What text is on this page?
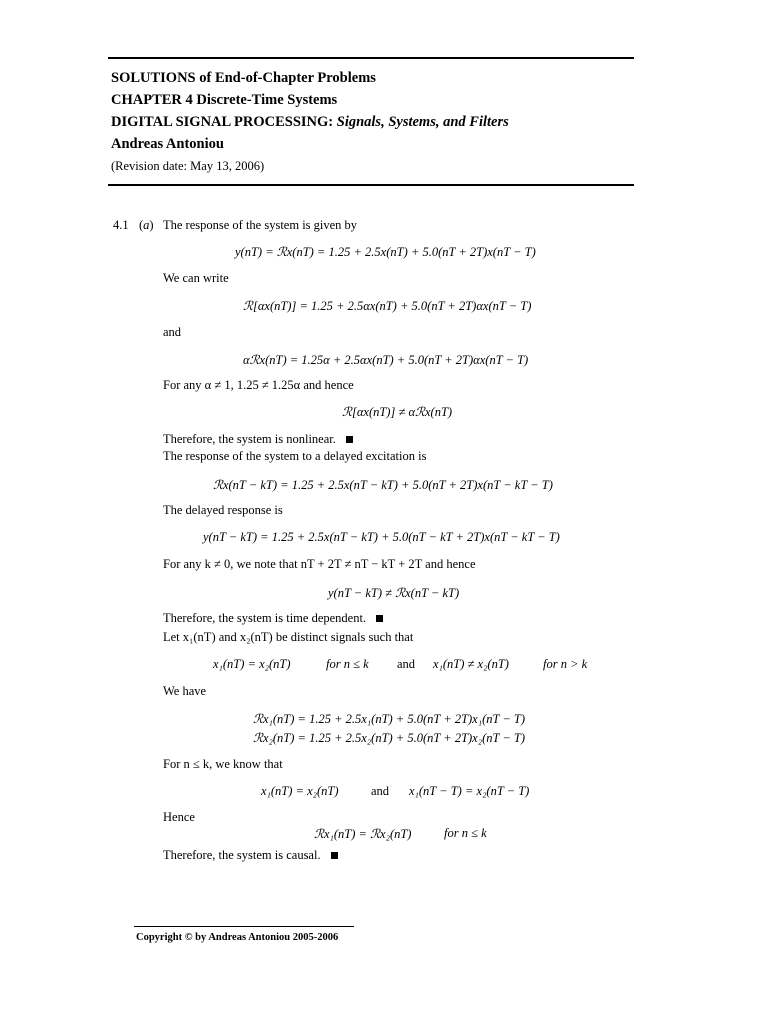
SOLUTIONS of End-of-Chapter Problems
CHAPTER 4 Discrete-Time Systems
DIGITAL SIGNAL PROCESSING: Signals, Systems, and Filters
Andreas Antoniou
(Revision date: May 13, 2006)
4.1 (a) The response of the system is given by
y(nT) = ℛx(nT) = 1.25 + 2.5x(nT) + 5.0(nT + 2T)x(nT − T)
We can write
ℛ[αx(nT)] = 1.25 + 2.5αx(nT) + 5.0(nT + 2T)αx(nT − T)
and
αℛx(nT) = 1.25α + 2.5αx(nT) + 5.0(nT + 2T)αx(nT − T)
For any α ≠ 1, 1.25 ≠ 1.25α and hence
ℛ[αx(nT)] ≠ αℛx(nT)
Therefore, the system is nonlinear.
The response of the system to a delayed excitation is
ℛx(nT − kT) = 1.25 + 2.5x(nT − kT) + 5.0(nT + 2T)x(nT − kT − T)
The delayed response is
y(nT − kT) = 1.25 + 2.5x(nT − kT) + 5.0(nT − kT + 2T)x(nT − kT − T)
For any k ≠ 0, we note that nT + 2T ≠ nT − kT + 2T and hence
y(nT − kT) ≠ ℛx(nT − kT)
Therefore, the system is time dependent.
Let x₁(nT) and x₂(nT) be distinct signals such that
x₁(nT) = x₂(nT)	for n ≤ k and x₁(nT) ≠ x₂(nT)	for n > k
We have
ℛx₁(nT) = 1.25 + 2.5x₁(nT) + 5.0(nT + 2T)x₁(nT − T)
ℛx₂(nT) = 1.25 + 2.5x₂(nT) + 5.0(nT + 2T)x₂(nT − T)
For n ≤ k, we know that
x₁(nT) = x₂(nT)	and x₁(nT − T) = x₂(nT − T)
Hence
ℛx₁(nT) = ℛx₂(nT)	for n ≤ k
Therefore, the system is causal.
Copyright © by Andreas Antoniou 2005-2006
